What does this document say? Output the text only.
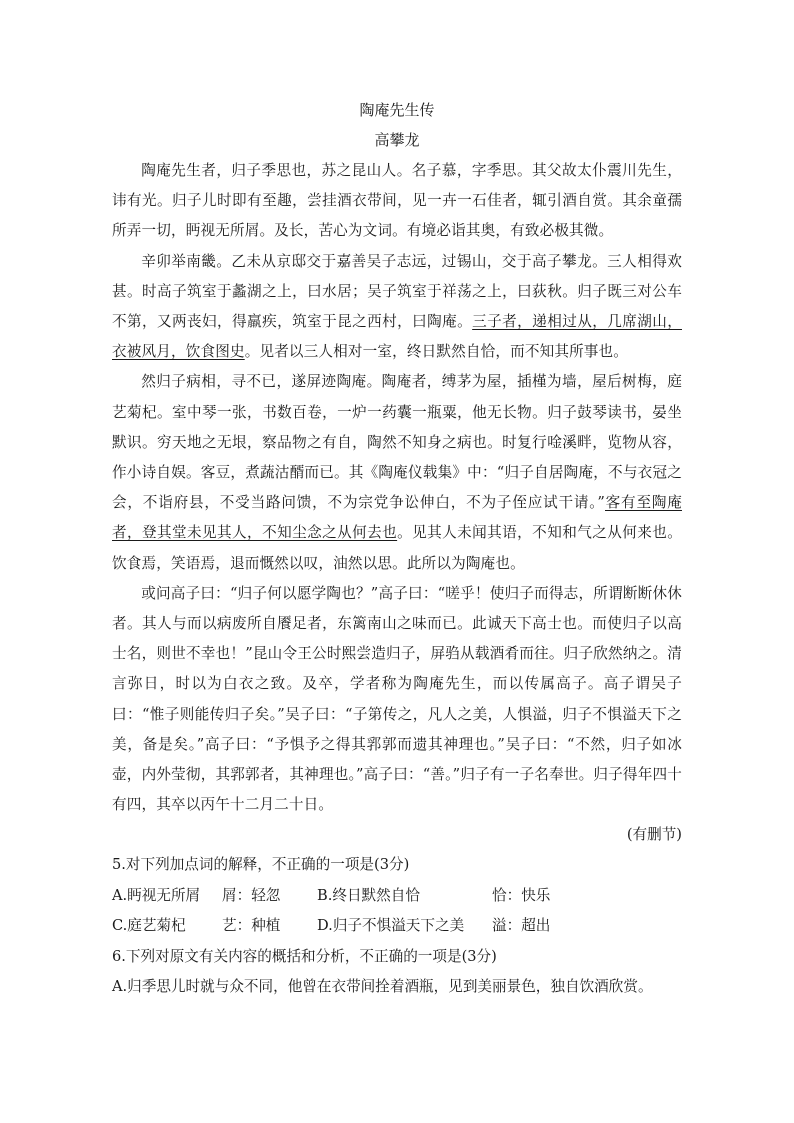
陶庵先生传

高攀龙

陶庵先生者，归子季思也，苏之昆山人。名子慕，字季思。其父故太仆震川先生，讳有光。归子儿时即有至趣，尝挂酒衣带间，见一卉一石佳者，辄引酒自赏。其余童孺所弄一切，眄视无所屑。及长，苦心为文词。有境必诣其奥，有致必极其微。

辛卯举南畿。乙未从京邸交于嘉善吴子志远，过锡山，交于高子攀龙。三人相得欢甚。时高子筑室于蠡湖之上，曰水居；吴子筑室于祥荡之上，曰荻秋。归子既三对公车不第，又两丧妇，得羸疾，筑室于昆之西村，曰陶庵。三子者，递相过从，几席湖山，衣被风月，饮食图史。见者以三人相对一室，终日默然自恰，而不知其所事也。

然归子病相，寻不已，遂屏迹陶庵。陶庵者，缚茅为屋，插槿为墙，屋后树梅，庭艺菊杞。室中琴一张，书数百卷，一炉一药囊一瓶粟，他无长物。归子鼓琴读书，晏坐默识。穷天地之无垠，察品物之有自，陶然不知身之病也。时复行唫溪畔，览物从容，作小诗自娱。客豆，煮蔬沽醑而已。其《陶庵仪载集》中：“归子自居陶庵，不与衣冠之会，不诣府县，不受当路问馈，不为宗党争讼伸白，不为子侄应试干请。”客有至陶庵者，登其堂未见其人，不知尘念之从何去也。见其人未闻其语，不知和气之从何来也。饮食焉，笑语焉，退而慨然以叹，油然以思。此所以为陶庵也。

或问高子曰：“归子何以愿学陶也？”高子曰：“嗟乎！使归子而得志，所谓断断休休者。其人与而以病废所自餍足者，东篱南山之味而已。此诚天下高士也。而使归子以高士名，则世不幸也！”昆山令王公时熙尝造归子，屏驺从载酒肴而往。归子欣然纳之。清言弥日，时以为白衣之致。及卒，学者称为陶庵先生，而以传属高子。高子谓吴子曰：“惟子则能传归子矣。”吴子曰：“子第传之，凡人之美，人惧溢，归子不惧溢天下之美，备是矣。”高子曰：“予惧予之得其郛郭而遗其神理也。”吴子曰：“不然，归子如冰壶，内外莹彻，其郛郭者，其神理也。”高子曰：“善。”归子有一子名奉世。归子得年四十有四，其卒以丙午十二月二十日。

(有删节)

5.对下列加点词的解释，不正确的一项是(3分)

A.眄视无所屑	屑：轻忽	B.终日默然自恰	恰：快乐
C.庭艺菊杞	艺：种植	D.归子不惧溢天下之美	溢：超出

6.下列对原文有关内容的概括和分析，不正确的一项是(3分)

A.归季思儿时就与众不同，他曾在衣带间拴着酒瓶，见到美丽景色，独自饮酒欣赏。
